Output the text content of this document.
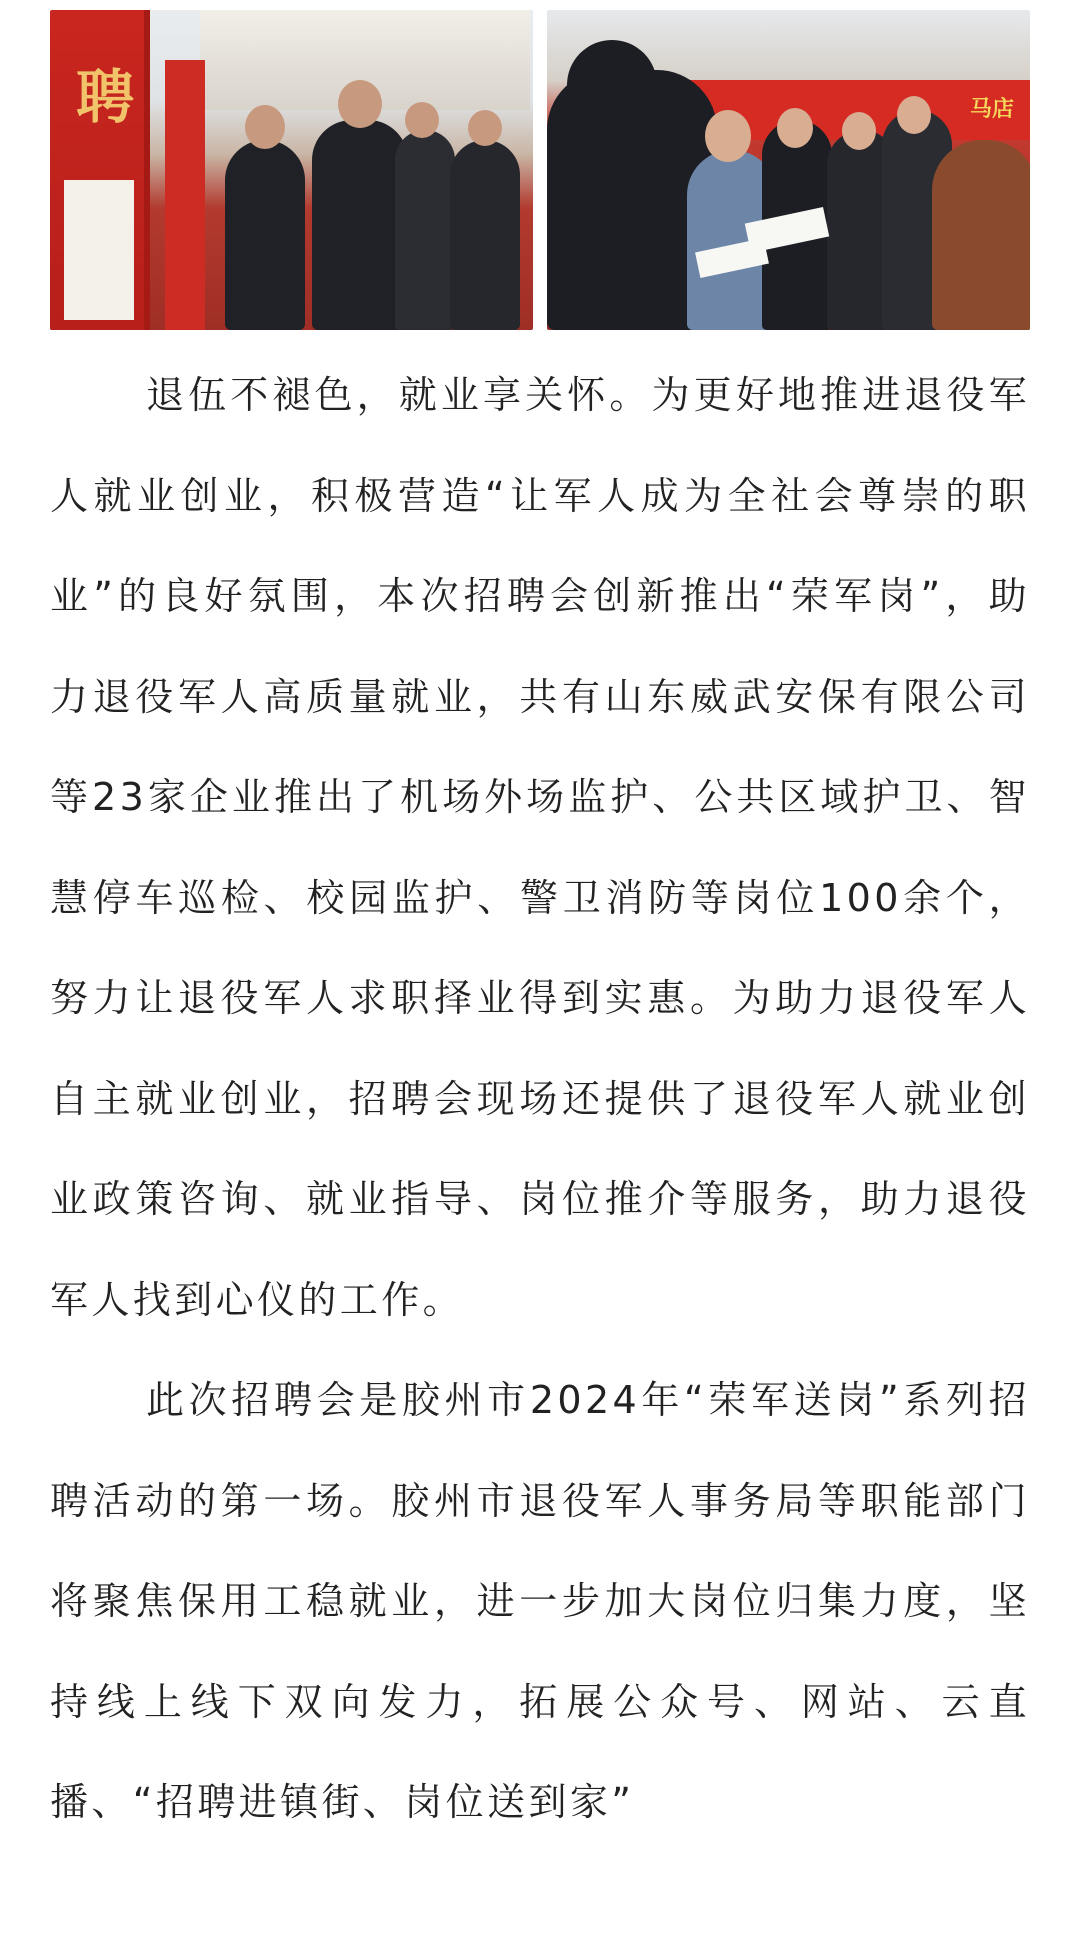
聘	马店

退伍不褪色，就业享关怀。为更好地推进退役军人就业创业，积极营造“让军人成为全社会尊崇的职业”的良好氛围，本次招聘会创新推出“荣军岗”，助力退役军人高质量就业，共有山东威武安保有限公司等23家企业推出了机场外场监护、公共区域护卫、智慧停车巡检、校园监护、警卫消防等岗位100余个，努力让退役军人求职择业得到实惠。为助力退役军人自主就业创业，招聘会现场还提供了退役军人就业创业政策咨询、就业指导、岗位推介等服务，助力退役军人找到心仪的工作。

此次招聘会是胶州市2024年“荣军送岗”系列招聘活动的第一场。胶州市退役军人事务局等职能部门将聚焦保用工稳就业，进一步加大岗位归集力度，坚持线上线下双向发力，拓展公众号、网站、云直播、“招聘进镇街、岗位送到家”
